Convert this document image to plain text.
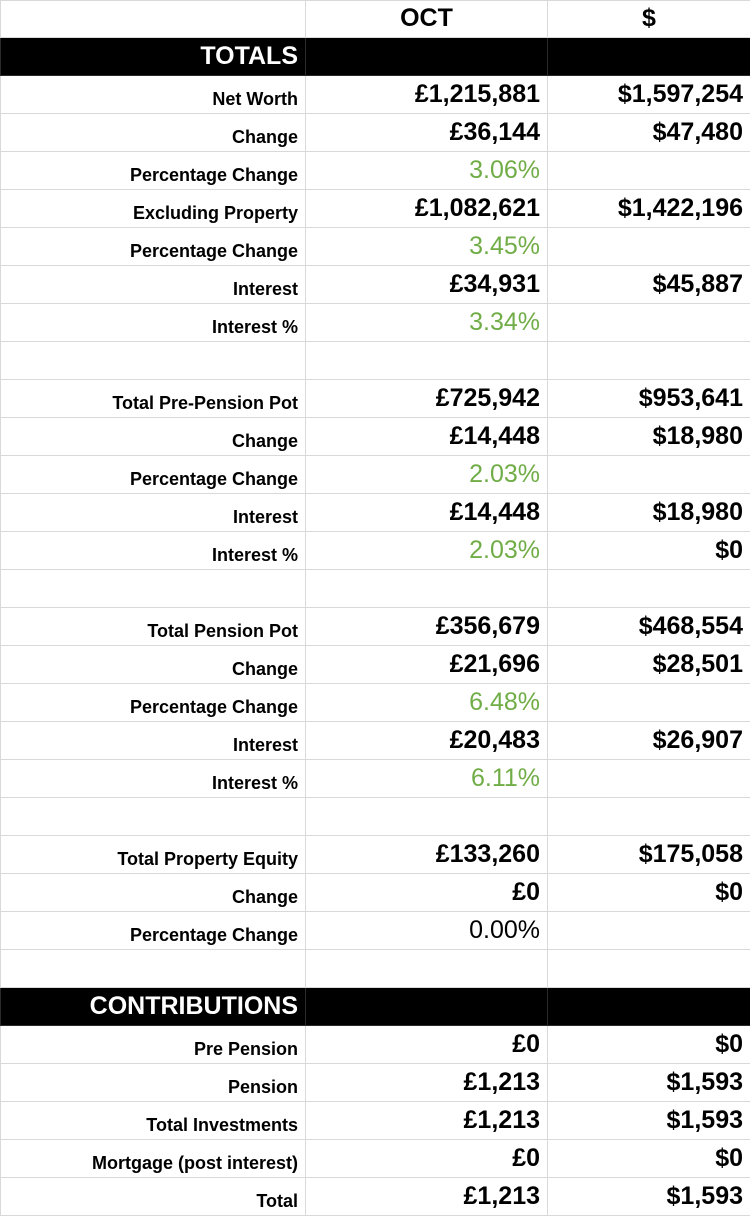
	OCT	$
TOTALS		
Net Worth	£1,215,881	$1,597,254
Change	£36,144	$47,480
Percentage Change	3.06%	
Excluding Property	£1,082,621	$1,422,196
Percentage Change	3.45%	
Interest	£34,931	$45,887
Interest %	3.34%	

Total Pre-Pension Pot	£725,942	$953,641
Change	£14,448	$18,980
Percentage Change	2.03%	
Interest	£14,448	$18,980
Interest %	2.03%	$0

Total Pension Pot	£356,679	$468,554
Change	£21,696	$28,501
Percentage Change	6.48%	
Interest	£20,483	$26,907
Interest %	6.11%	

Total Property Equity	£133,260	$175,058
Change	£0	$0
Percentage Change	0.00%	

CONTRIBUTIONS		
Pre Pension	£0	$0
Pension	£1,213	$1,593
Total Investments	£1,213	$1,593
Mortgage (post interest)	£0	$0
Total	£1,213	$1,593
